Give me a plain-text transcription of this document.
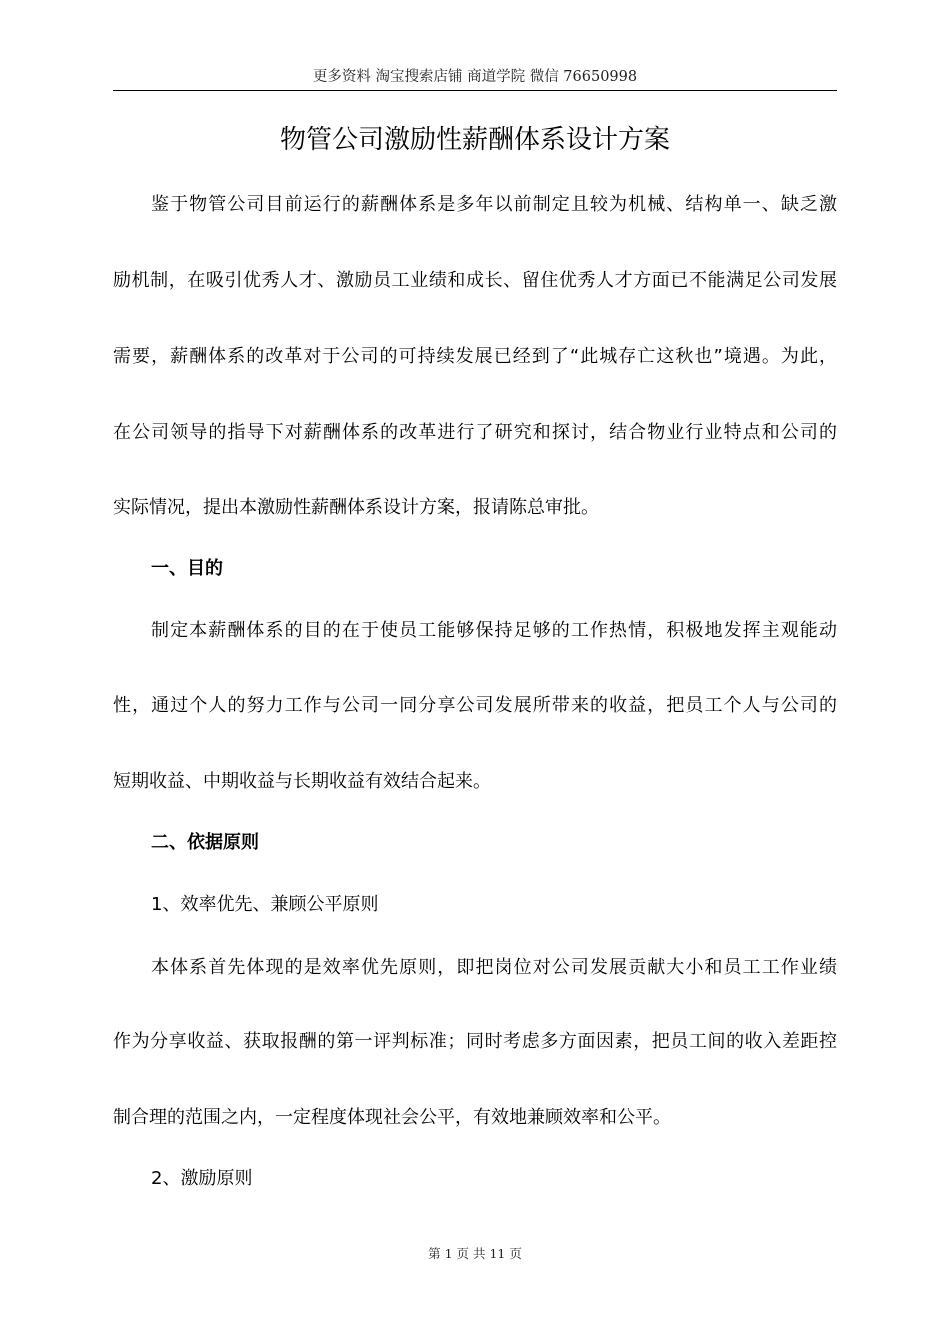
更多资料 淘宝搜索店铺 商道学院 微信 76650998
物管公司激励性薪酬体系设计方案
鉴于物管公司目前运行的薪酬体系是多年以前制定且较为机械、结构单一、缺乏激
励机制，在吸引优秀人才、激励员工业绩和成长、留住优秀人才方面已不能满足公司发展
需要，薪酬体系的改革对于公司的可持续发展已经到了“此城存亡这秋也”境遇。为此，
在公司领导的指导下对薪酬体系的改革进行了研究和探讨，结合物业行业特点和公司的
实际情况，提出本激励性薪酬体系设计方案，报请陈总审批。
一、目的
制定本薪酬体系的目的在于使员工能够保持足够的工作热情，积极地发挥主观能动
性，通过个人的努力工作与公司一同分享公司发展所带来的收益，把员工个人与公司的
短期收益、中期收益与长期收益有效结合起来。
二、依据原则
1、效率优先、兼顾公平原则
本体系首先体现的是效率优先原则，即把岗位对公司发展贡献大小和员工工作业绩
作为分享收益、获取报酬的第一评判标准；同时考虑多方面因素，把员工间的收入差距控
制合理的范围之内，一定程度体现社会公平，有效地兼顾效率和公平。
2、激励原则
第 1 页 共 11 页
